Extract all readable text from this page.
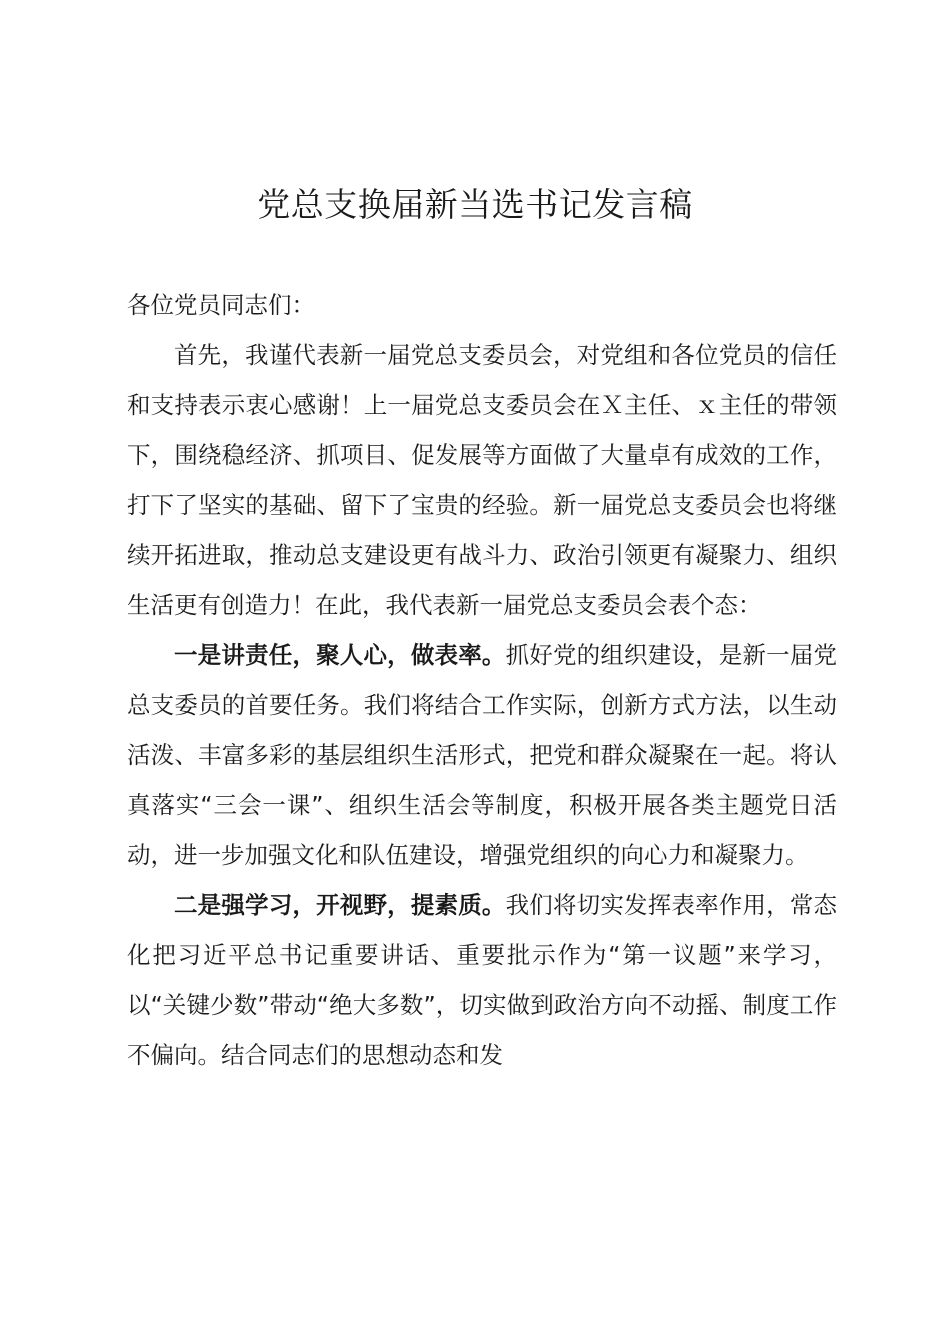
党总支换届新当选书记发言稿

各位党员同志们：

首先，我谨代表新一届党总支委员会，对党组和各位党员的信任和支持表示衷心感谢！上一届党总支委员会在Ｘ主任、ｘ主任的带领下，围绕稳经济、抓项目、促发展等方面做了大量卓有成效的工作，打下了坚实的基础、留下了宝贵的经验。新一届党总支委员会也将继续开拓进取，推动总支建设更有战斗力、政治引领更有凝聚力、组织生活更有创造力！在此，我代表新一届党总支委员会表个态：

一是讲责任，聚人心，做表率。抓好党的组织建设，是新一届党总支委员的首要任务。我们将结合工作实际，创新方式方法，以生动活泼、丰富多彩的基层组织生活形式，把党和群众凝聚在一起。将认真落实“三会一课”、组织生活会等制度，积极开展各类主题党日活动，进一步加强文化和队伍建设，增强党组织的向心力和凝聚力。

二是强学习，开视野，提素质。我们将切实发挥表率作用，常态化把习近平总书记重要讲话、重要批示作为“第一议题”来学习，以“关键少数”带动“绝大多数”，切实做到政治方向不动摇、制度工作不偏向。结合同志们的思想动态和发
